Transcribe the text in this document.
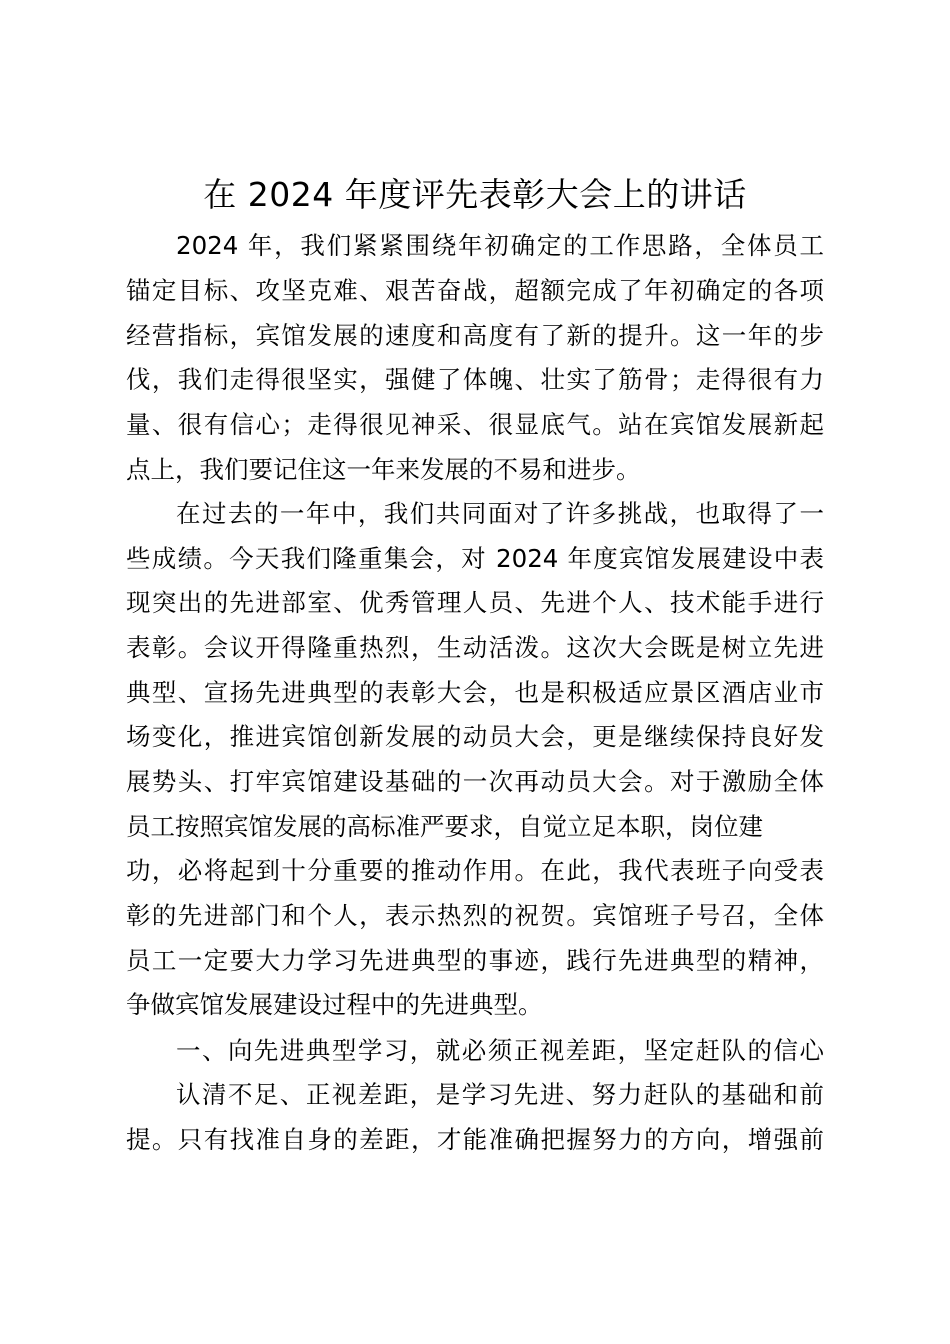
在 2024 年度评先表彰大会上的讲话
2024 年，我们紧紧围绕年初确定的工作思路，全体员工
锚定目标、攻坚克难、艰苦奋战，超额完成了年初确定的各项
经营指标，宾馆发展的速度和高度有了新的提升。这一年的步
伐，我们走得很坚实，强健了体魄、壮实了筋骨；走得很有力
量、很有信心；走得很见神采、很显底气。站在宾馆发展新起
点上，我们要记住这一年来发展的不易和进步。
在过去的一年中，我们共同面对了许多挑战，也取得了一
些成绩。今天我们隆重集会，对 2024 年度宾馆发展建设中表
现突出的先进部室、优秀管理人员、先进个人、技术能手进行
表彰。会议开得隆重热烈，生动活泼。这次大会既是树立先进
典型、宣扬先进典型的表彰大会，也是积极适应景区酒店业市
场变化，推进宾馆创新发展的动员大会，更是继续保持良好发
展势头、打牢宾馆建设基础的一次再动员大会。对于激励全体
员工按照宾馆发展的高标准严要求，自觉立足本职，岗位建
功，必将起到十分重要的推动作用。在此，我代表班子向受表
彰的先进部门和个人，表示热烈的祝贺。宾馆班子号召，全体
员工一定要大力学习先进典型的事迹，践行先进典型的精神，
争做宾馆发展建设过程中的先进典型。
一、向先进典型学习，就必须正视差距，坚定赶队的信心
认清不足、正视差距，是学习先进、努力赶队的基础和前
提。只有找准自身的差距，才能准确把握努力的方向，增强前
